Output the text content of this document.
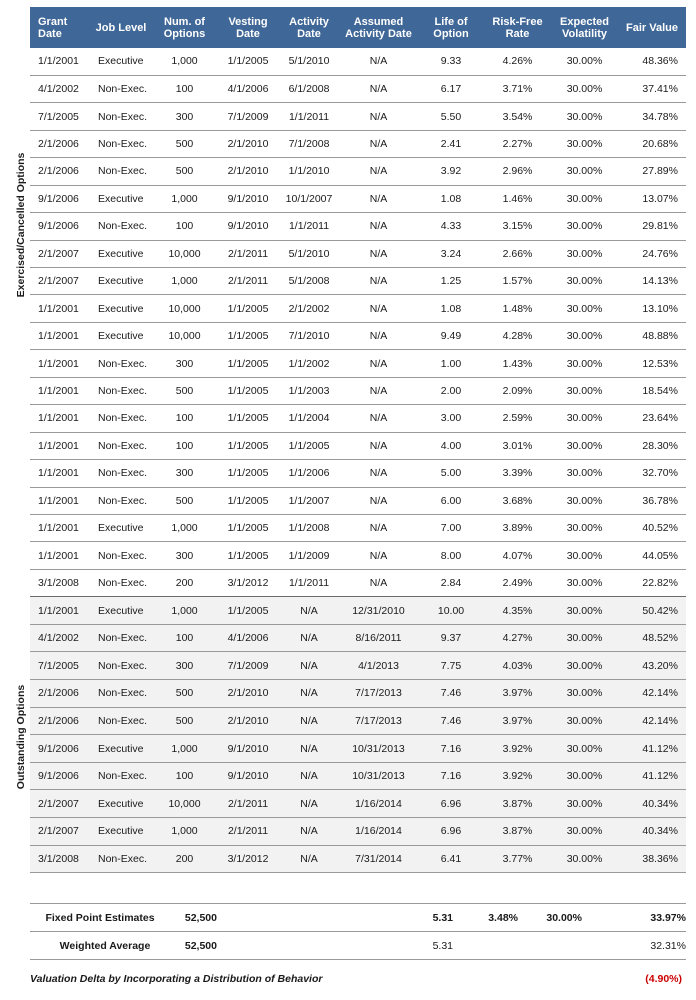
Grant Date	Job Level	Num. of Options	Vesting Date	Activity Date	Assumed Activity Date	Life of Option	Risk-Free Rate	Expected Volatility	Fair Value
1/1/2001	Executive	1,000	1/1/2005	5/1/2010	N/A	9.33	4.26%	30.00%	48.36%
4/1/2002	Non-Exec.	100	4/1/2006	6/1/2008	N/A	6.17	3.71%	30.00%	37.41%
7/1/2005	Non-Exec.	300	7/1/2009	1/1/2011	N/A	5.50	3.54%	30.00%	34.78%
2/1/2006	Non-Exec.	500	2/1/2010	7/1/2008	N/A	2.41	2.27%	30.00%	20.68%
2/1/2006	Non-Exec.	500	2/1/2010	1/1/2010	N/A	3.92	2.96%	30.00%	27.89%
9/1/2006	Executive	1,000	9/1/2010	10/1/2007	N/A	1.08	1.46%	30.00%	13.07%
9/1/2006	Non-Exec.	100	9/1/2010	1/1/2011	N/A	4.33	3.15%	30.00%	29.81%
2/1/2007	Executive	10,000	2/1/2011	5/1/2010	N/A	3.24	2.66%	30.00%	24.76%
2/1/2007	Executive	1,000	2/1/2011	5/1/2008	N/A	1.25	1.57%	30.00%	14.13%
1/1/2001	Executive	10,000	1/1/2005	2/1/2002	N/A	1.08	1.48%	30.00%	13.10%
1/1/2001	Executive	10,000	1/1/2005	7/1/2010	N/A	9.49	4.28%	30.00%	48.88%
1/1/2001	Non-Exec.	300	1/1/2005	1/1/2002	N/A	1.00	1.43%	30.00%	12.53%
1/1/2001	Non-Exec.	500	1/1/2005	1/1/2003	N/A	2.00	2.09%	30.00%	18.54%
1/1/2001	Non-Exec.	100	1/1/2005	1/1/2004	N/A	3.00	2.59%	30.00%	23.64%
1/1/2001	Non-Exec.	100	1/1/2005	1/1/2005	N/A	4.00	3.01%	30.00%	28.30%
1/1/2001	Non-Exec.	300	1/1/2005	1/1/2006	N/A	5.00	3.39%	30.00%	32.70%
1/1/2001	Non-Exec.	500	1/1/2005	1/1/2007	N/A	6.00	3.68%	30.00%	36.78%
1/1/2001	Executive	1,000	1/1/2005	1/1/2008	N/A	7.00	3.89%	30.00%	40.52%
1/1/2001	Non-Exec.	300	1/1/2005	1/1/2009	N/A	8.00	4.07%	30.00%	44.05%
3/1/2008	Non-Exec.	200	3/1/2012	1/1/2011	N/A	2.84	2.49%	30.00%	22.82%
1/1/2001	Executive	1,000	1/1/2005	N/A	12/31/2010	10.00	4.35%	30.00%	50.42%
4/1/2002	Non-Exec.	100	4/1/2006	N/A	8/16/2011	9.37	4.27%	30.00%	48.52%
7/1/2005	Non-Exec.	300	7/1/2009	N/A	4/1/2013	7.75	4.03%	30.00%	43.20%
2/1/2006	Non-Exec.	500	2/1/2010	N/A	7/17/2013	7.46	3.97%	30.00%	42.14%
2/1/2006	Non-Exec.	500	2/1/2010	N/A	7/17/2013	7.46	3.97%	30.00%	42.14%
9/1/2006	Executive	1,000	9/1/2010	N/A	10/31/2013	7.16	3.92%	30.00%	41.12%
9/1/2006	Non-Exec.	100	9/1/2010	N/A	10/31/2013	7.16	3.92%	30.00%	41.12%
2/1/2007	Executive	10,000	2/1/2011	N/A	1/16/2014	6.96	3.87%	30.00%	40.34%
2/1/2007	Executive	1,000	2/1/2011	N/A	1/16/2014	6.96	3.87%	30.00%	40.34%
3/1/2008	Non-Exec.	200	3/1/2012	N/A	7/31/2014	6.41	3.77%	30.00%	38.36%
Exercised/Cancelled Options
Outstanding Options
Fixed Point Estimates	52,500	5.31	3.48%	30.00%	33.97%
Weighted Average	52,500	5.31			32.31%
Valuation Delta by Incorporating a Distribution of Behavior	(4.90%)
